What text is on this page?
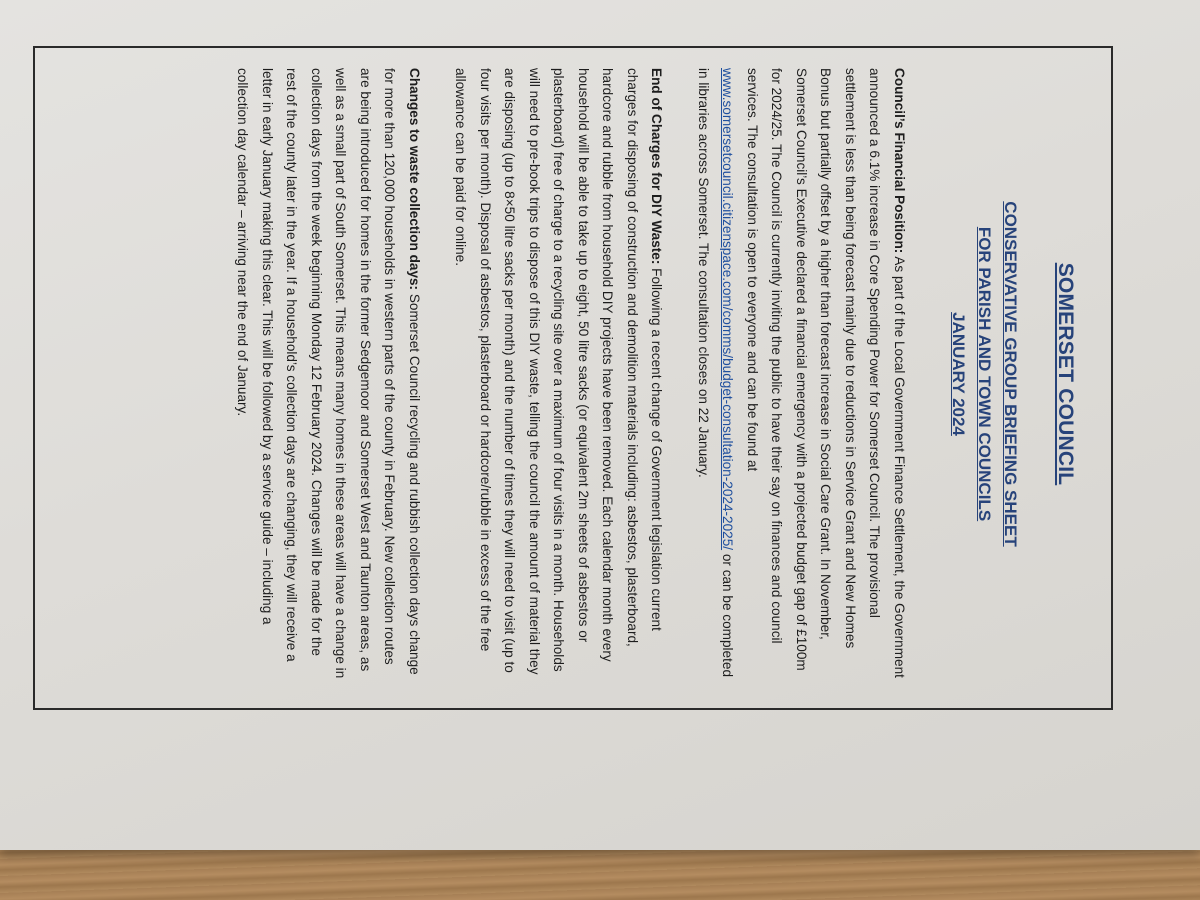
SOMERSET COUNCIL
CONSERVATIVE GROUP BRIEFING SHEET
FOR PARISH AND TOWN COUNCILS
JANUARY 2024

Council’s Financial Position: As part of the Local Government Finance Settlement, the Government announced a 6.1% increase in Core Spending Power for Somerset Council. The provisional settlement is less than being forecast mainly due to reductions in Service Grant and New Homes Bonus but partially offset by a higher than forecast increase in Social Care Grant. In November, Somerset Council’s Executive declared a financial emergency with a projected budget gap of £100m for 2024/25. The Council is currently inviting the public to have their say on finances and council services. The consultation is open to everyone and can be found at www.somersetcouncil.citizenspace.com/comms/budget-consultation-2024-2025/ or can be completed in libraries across Somerset. The consultation closes on 22 January.

End of Charges for DIY Waste: Following a recent change of Government legislation current charges for disposing of construction and demolition materials including: asbestos, plasterboard, hardcore and rubble from household DIY projects have been removed. Each calendar month every household will be able to take up to eight, 50 litre sacks (or equivalent 2m sheets of asbestos or plasterboard) free of charge to a recycling site over a maximum of four visits in a month. Households will need to pre-book trips to dispose of this DIY waste, telling the council the amount of material they are disposing (up to 8×50 litre sacks per month) and the number of times they will need to visit (up to four visits per month). Disposal of asbestos, plasterboard or hardcore/rubble in excess of the free allowance can be paid for online.

Changes to waste collection days: Somerset Council recycling and rubbish collection days change for more than 120,000 households in western parts of the county in February. New collection routes are being introduced for homes in the former Sedgemoor and Somerset West and Taunton areas, as well as a small part of South Somerset. This means many homes in these areas will have a change in collection days from the week beginning Monday 12 February 2024. Changes will be made for the rest of the county later in the year. If a household’s collection days are changing, they will receive a letter in early January making this clear. This will be followed by a service guide – including a collection day calendar – arriving near the end of January.
